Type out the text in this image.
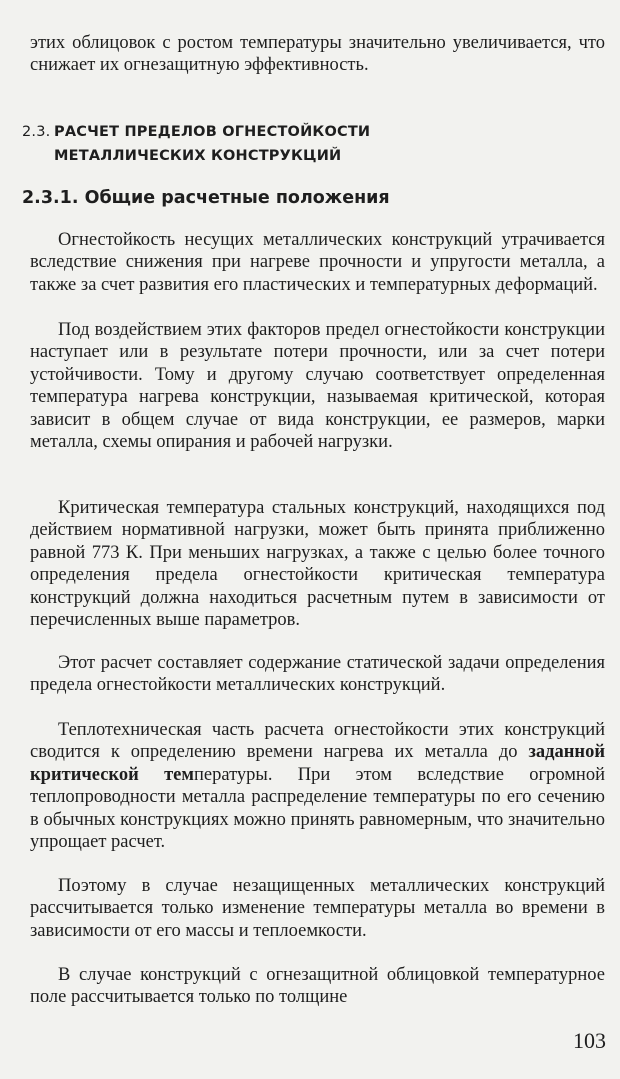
этих облицовок с ростом температуры значительно увеличивается, что снижает их огнезащитную эффективность.

2.3. РАСЧЕТ ПРЕДЕЛОВ ОГНЕСТОЙКОСТИ
МЕТАЛЛИЧЕСКИХ КОНСТРУКЦИЙ
2.3.1. Общие расчетные положения

Огнестойкость несущих металлических конструкций утрачивается вследствие снижения при нагреве прочности и упругости металла, а также за счет развития его пластических и температурных деформаций.

Под воздействием этих факторов предел огнестойкости конструкции наступает или в результате потери прочности, или за счет потери устойчивости. Тому и другому случаю соответствует определенная температура нагрева конструкции, называемая критической, которая зависит в общем случае от вида конструкции, ее размеров, марки металла, схемы опирания и рабочей нагрузки.

Критическая температура стальных конструкций, находящихся под действием нормативной нагрузки, может быть принята приближенно равной 773 К. При меньших нагрузках, а также с целью более точного определения предела огнестойкости критическая температура конструкций должна находиться расчетным путем в зависимости от перечисленных выше параметров.

Этот расчет составляет содержание статической задачи определения предела огнестойкости металлических конструкций.

Теплотехническая часть расчета огнестойкости этих конструкций сводится к определению времени нагрева их металла до заданной критической температуры. При этом вследствие огромной теплопроводности металла распределение температуры по его сечению в обычных конструкциях можно принять равномерным, что значительно упрощает расчет.

Поэтому в случае незащищенных металлических конструкций рассчитывается только изменение температуры металла во времени в зависимости от его массы и теплоемкости.

В случае конструкций с огнезащитной облицовкой температурное поле рассчитывается только по толщине

103
